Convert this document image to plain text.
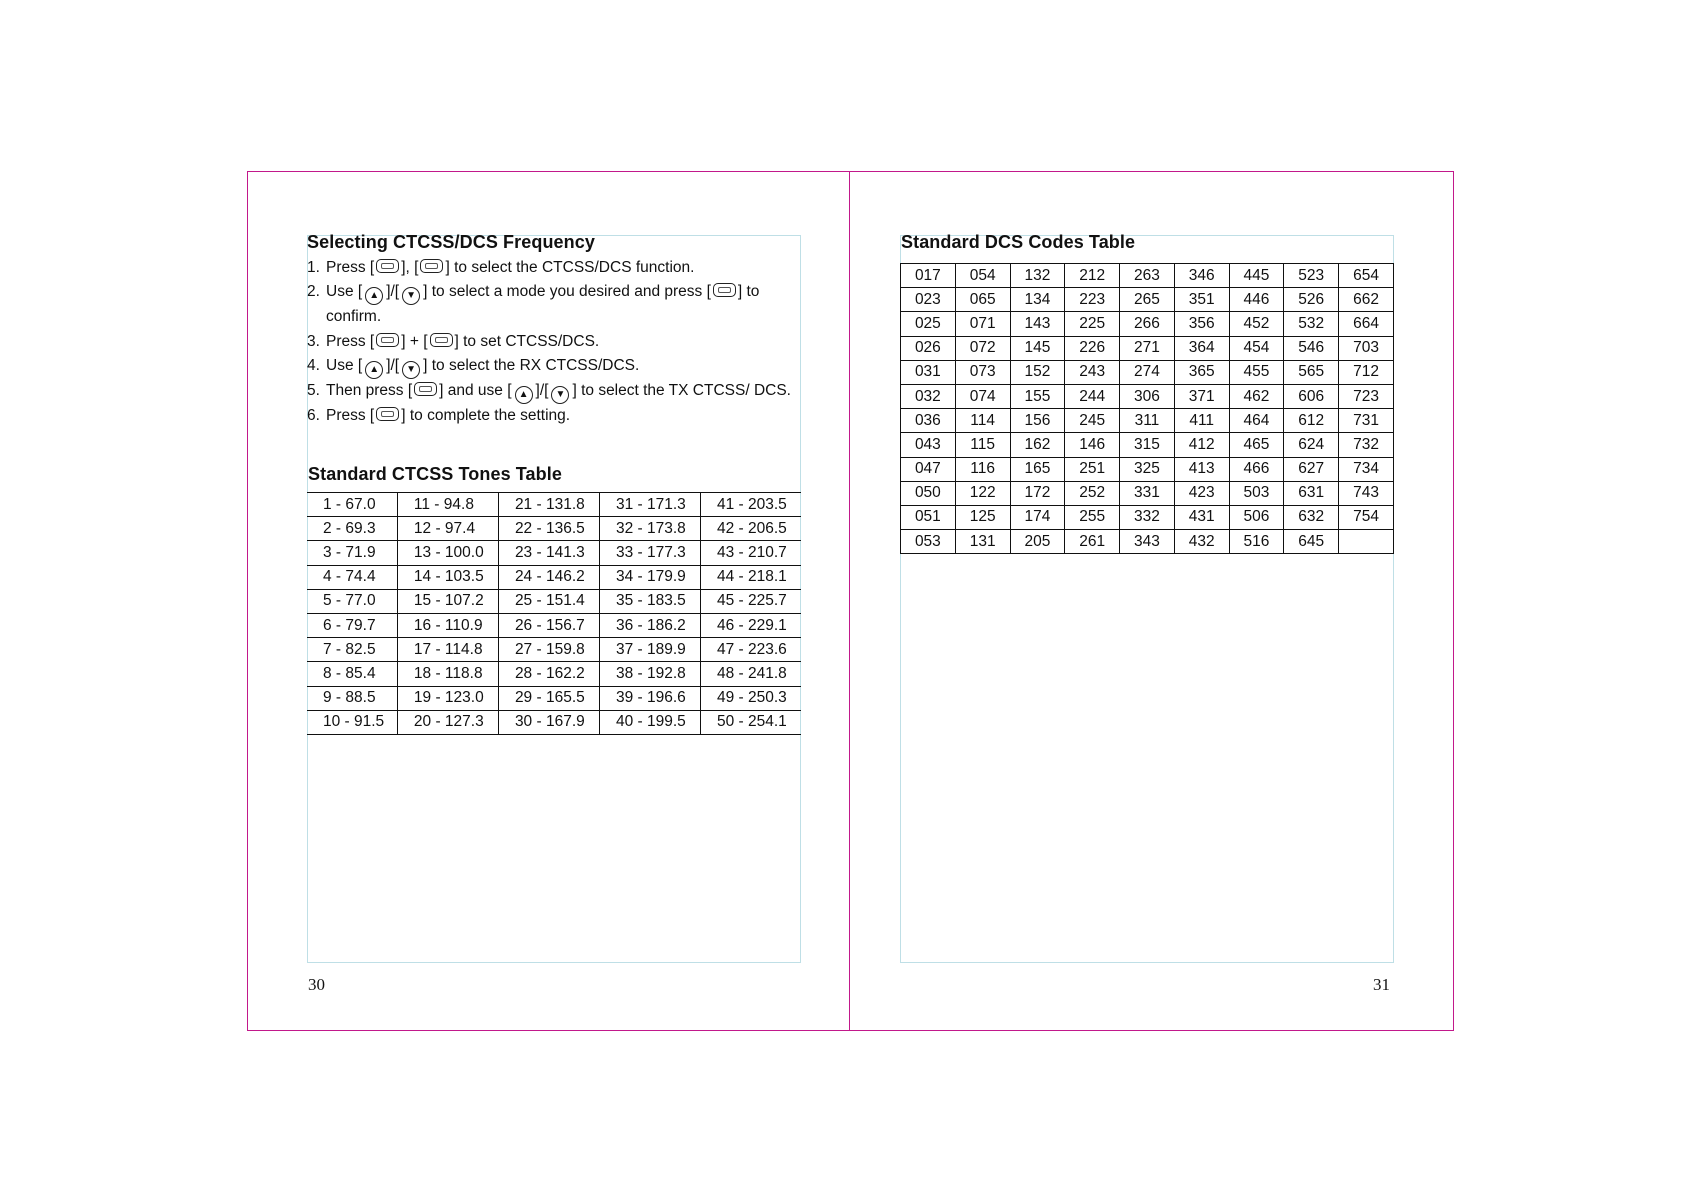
Selecting CTCSS/DCS Frequency
1. Press [ ], [ ] to select the CTCSS/DCS function.
2. Use [ ▲ ]/[ ▼ ] to select a mode you desired and press [ ] to confirm.
3. Press [ ] + [ ] to set CTCSS/DCS.
4. Use [ ▲ ]/[ ▼ ] to select the RX CTCSS/DCS.
5. Then press [ ] and use [ ▲ ]/[ ▼ ] to select the TX CTCSS/ DCS.
6. Press [ ] to complete the setting.
Standard CTCSS Tones Table
1 - 67.0	11 - 94.8	21 - 131.8	31 - 171.3	41 - 203.5
2 - 69.3	12 - 97.4	22 - 136.5	32 - 173.8	42 - 206.5
3 - 71.9	13 - 100.0	23 - 141.3	33 - 177.3	43 - 210.7
4 - 74.4	14 - 103.5	24 - 146.2	34 - 179.9	44 - 218.1
5 - 77.0	15 - 107.2	25 - 151.4	35 - 183.5	45 - 225.7
6 - 79.7	16 - 110.9	26 - 156.7	36 - 186.2	46 - 229.1
7 - 82.5	17 - 114.8	27 - 159.8	37 - 189.9	47 - 223.6
8 - 85.4	18 - 118.8	28 - 162.2	38 - 192.8	48 - 241.8
9 - 88.5	19 - 123.0	29 - 165.5	39 - 196.6	49 - 250.3
10 - 91.5	20 - 127.3	30 - 167.9	40 - 199.5	50 - 254.1
30
Standard DCS Codes Table
017	054	132	212	263	346	445	523	654
023	065	134	223	265	351	446	526	662
025	071	143	225	266	356	452	532	664
026	072	145	226	271	364	454	546	703
031	073	152	243	274	365	455	565	712
032	074	155	244	306	371	462	606	723
036	114	156	245	311	411	464	612	731
043	115	162	146	315	412	465	624	732
047	116	165	251	325	413	466	627	734
050	122	172	252	331	423	503	631	743
051	125	174	255	332	431	506	632	754
053	131	205	261	343	432	516	645	
31
